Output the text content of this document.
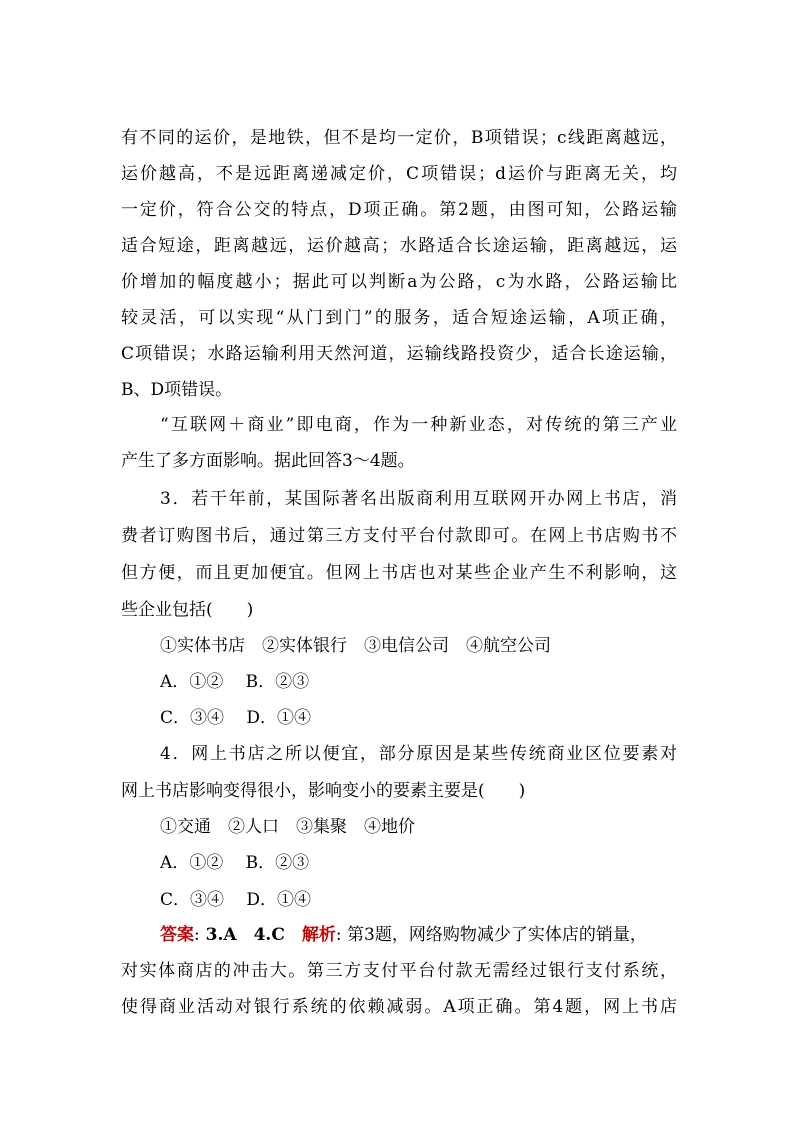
有不同的运价，是地铁，但不是均一定价，B项错误；c线距离越远，
运价越高，不是远距离递减定价，C项错误；d运价与距离无关，均
一定价，符合公交的特点，D项正确。第2题，由图可知，公路运输
适合短途，距离越远，运价越高；水路适合长途运输，距离越远，运
价增加的幅度越小；据此可以判断a为公路，c为水路，公路运输比
较灵活，可以实现“从门到门”的服务，适合短途运输，A项正确，
C项错误；水路运输利用天然河道，运输线路投资少，适合长途运输，
B、D项错误。
“互联网＋商业”即电商，作为一种新业态，对传统的第三产业
产生了多方面影响。据此回答3～4题。
3．若干年前，某国际著名出版商利用互联网开办网上书店，消
费者订购图书后，通过第三方支付平台付款即可。在网上书店购书不
但方便，而且更加便宜。但网上书店也对某些企业产生不利影响，这
些企业包括(　　)
①实体书店　②实体银行　③电信公司　④航空公司
A．①②　 B．②③
C．③④　 D．①④
4．网上书店之所以便宜，部分原因是某些传统商业区位要素对
网上书店影响变得很小，影响变小的要素主要是(　　)
①交通　②人口　③集聚　④地价
A．①②　 B．②③
C．③④　 D．①④
答案: 3.A　4.C　解析: 第3题，网络购物减少了实体店的销量，
对实体商店的冲击大。第三方支付平台付款无需经过银行支付系统，
使得商业活动对银行系统的依赖减弱。A项正确。第4题，网上书店
